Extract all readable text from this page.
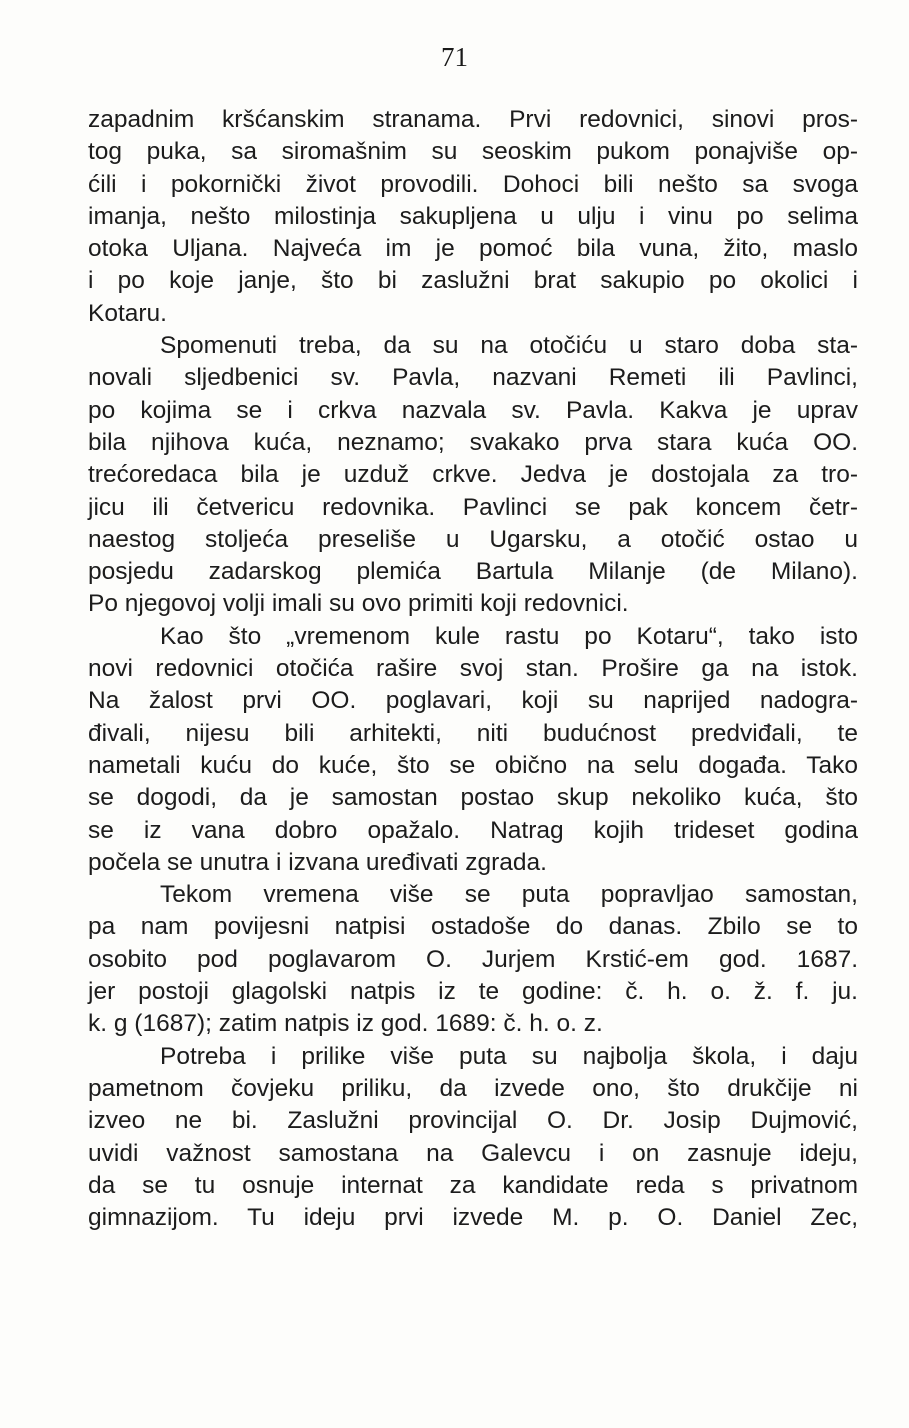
71
zapadnim kršćanskim stranama. Prvi redovnici, sinovi pros-
tog puka, sa siromašnim su seoskim pukom ponajviše op-
ćili i pokornički život provodili. Dohoci bili nešto sa svoga
imanja, nešto milostinja sakupljena u ulju i vinu po selima
otoka Uljana. Najveća im je pomoć bila vuna, žito, maslo
i po koje janje, što bi zaslužni brat sakupio po okolici i
Kotaru.
Spomenuti treba, da su na otočiću u staro doba sta-
novali sljedbenici sv. Pavla, nazvani Remeti ili Pavlinci,
po kojima se i crkva nazvala sv. Pavla. Kakva je uprav
bila njihova kuća, neznamo; svakako prva stara kuća OO.
trećoredaca bila je uzduž crkve. Jedva je dostojala za tro-
jicu ili četvericu redovnika. Pavlinci se pak koncem četr-
naestog stoljeća preseliše u Ugarsku, a otočić ostao u
posjedu zadarskog plemića Bartula Milanje (de Milano).
Po njegovoj volji imali su ovo primiti koji redovnici.
Kao što „vremenom kule rastu po Kotaru“, tako isto
novi redovnici otočića raširе svoj stan. Prošire ga na istok.
Na žalost prvi OO. poglavari, koji su naprijed nadogra-
đivali, nijesu bili arhitekti, niti budućnost predviđali, te
nametali kuću do kuće, što se obično na selu događa. Tako
se dogodi, da je samostan postao skup nekoliko kuća, što
se iz vana dobro opažalo. Natrag kojih trideset godina
počela se unutra i izvana uređivati zgrada.
Tekom vremena više se puta popravljao samostan,
pa nam povijesni natpisi ostadoše do danas. Zbilo se to
osobito pod poglavarom O. Jurjem Krstić-em god. 1687.
jer postoji glagolski natpis iz te godine: č. h. o. ž. f. ju.
k. g (1687); zatim natpis iz god. 1689: č. h. o. z.
Potreba i prilike više puta su najbolja škola, i daju
pametnom čovjeku priliku, da izvede ono, što drukčije ni
izveo ne bi. Zaslužni provincijal O. Dr. Josip Dujmović,
uvidi važnost samostana na Galevcu i on zasnuje ideju,
da se tu osnuje internat za kandidate reda s privatnom
gimnazijom. Tu ideju prvi izvede M. p. O. Daniel Zec,
